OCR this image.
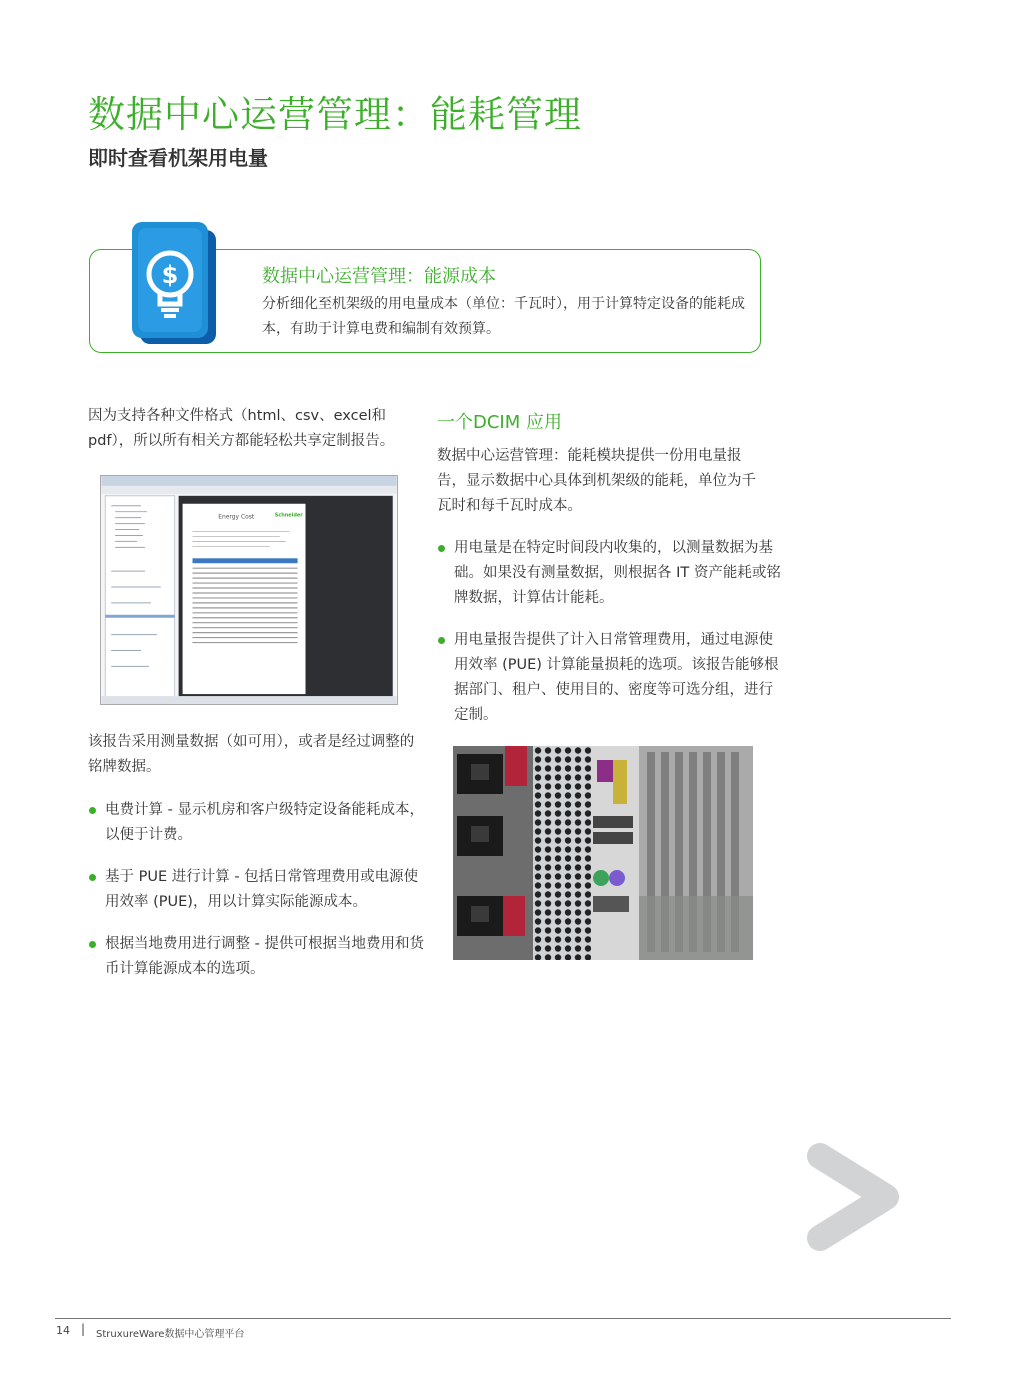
数据中心运营管理：能耗管理
即时查看机架用电量
$	数据中心运营管理：能源成本

分析细化至机架级的用电量成本（单位：千瓦时），用于计算特定设备的能耗成本，有助于计算电费和编制有效预算。

因为支持各种文件格式（html、csv、excel和pdf），所以所有相关方都能轻松共享定制报告。

Energy Cost	Schneider

该报告采用测量数据（如可用），或者是经过调整的铭牌数据。

电费计算 - 显示机房和客户级特定设备能耗成本，以便于计费。

基于 PUE 进行计算 - 包括日常管理费用或电源使用效率 (PUE)，用以计算实际能源成本。

根据当地费用进行调整 - 提供可根据当地费用和货币计算能源成本的选项。

一个DCIM 应用

数据中心运营管理：能耗模块提供一份用电量报告，显示数据中心具体到机架级的能耗，单位为千瓦时和每千瓦时成本。

用电量是在特定时间段内收集的，以测量数据为基础。如果没有测量数据，则根据各 IT 资产能耗或铭牌数据，计算估计能耗。

用电量报告提供了计入日常管理费用，通过电源使用效率 (PUE) 计算能量损耗的选项。该报告能够根据部门、租户、使用目的、密度等可选分组，进行定制。

14 | StruxureWare数据中心管理平台
